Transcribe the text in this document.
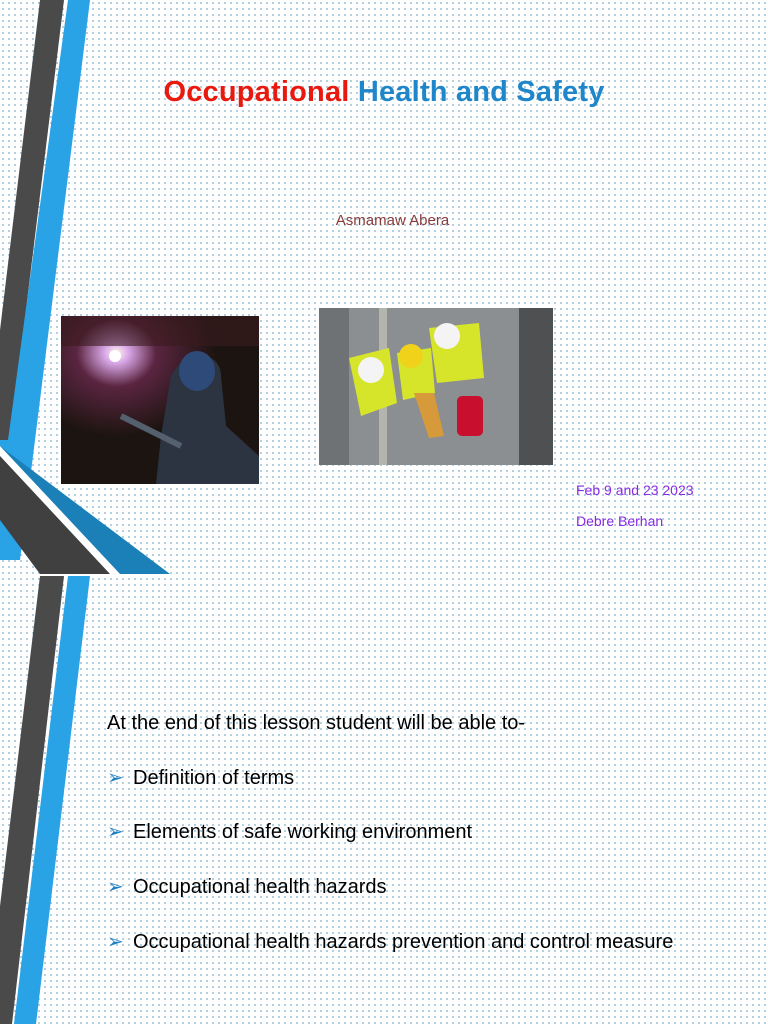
Occupational Health and Safety
Asmamaw Abera
Feb 9 and 23 2023
Debre Berhan
At the end of this lesson student will be able to-
➢ Definition of terms
➢ Elements of safe working environment
➢ Occupational health hazards
➢ Occupational health hazards prevention and control measure
